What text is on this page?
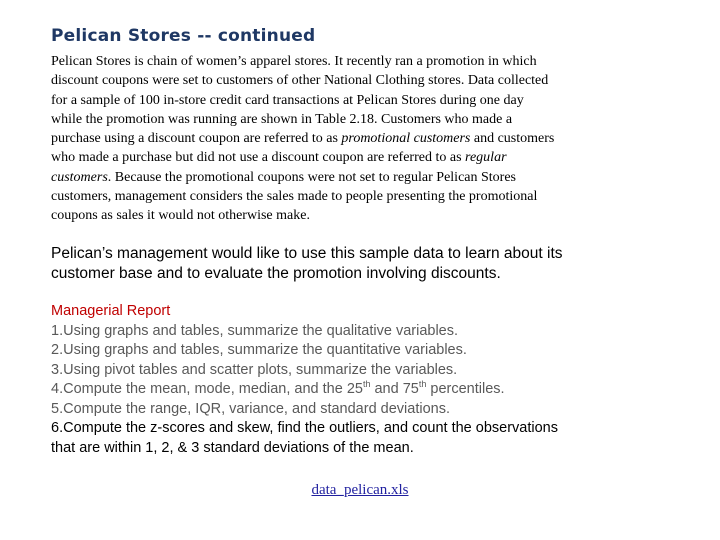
Pelican Stores -- continued

Pelican Stores is chain of women’s apparel stores. It recently ran a promotion in which

discount coupons were set to customers of other National Clothing stores. Data collected

for a sample of 100 in-store credit card transactions at Pelican Stores during one day

while the promotion was running are shown in Table 2.18. Customers who made a

purchase using a discount coupon are referred to as promotional customers and customers

who made a purchase but did not use a discount coupon are referred to as regular

customers. Because the promotional coupons were not set to regular Pelican Stores

customers, management considers the sales made to people presenting the promotional

coupons as sales it would not otherwise make.

Pelican’s management would like to use this sample data to learn about its

customer base and to evaluate the promotion involving discounts.

Managerial Report

1.Using graphs and tables, summarize the qualitative variables.

2.Using graphs and tables, summarize the quantitative variables.

3.Using pivot tables and scatter plots, summarize the variables.

4.Compute the mean, mode, median, and the 25th and 75th percentiles.

5.Compute the range, IQR, variance, and standard deviations.

6.Compute the z-scores and skew, find the outliers, and count the observations

that are within 1, 2, & 3 standard deviations of the mean.

data_pelican.xls
